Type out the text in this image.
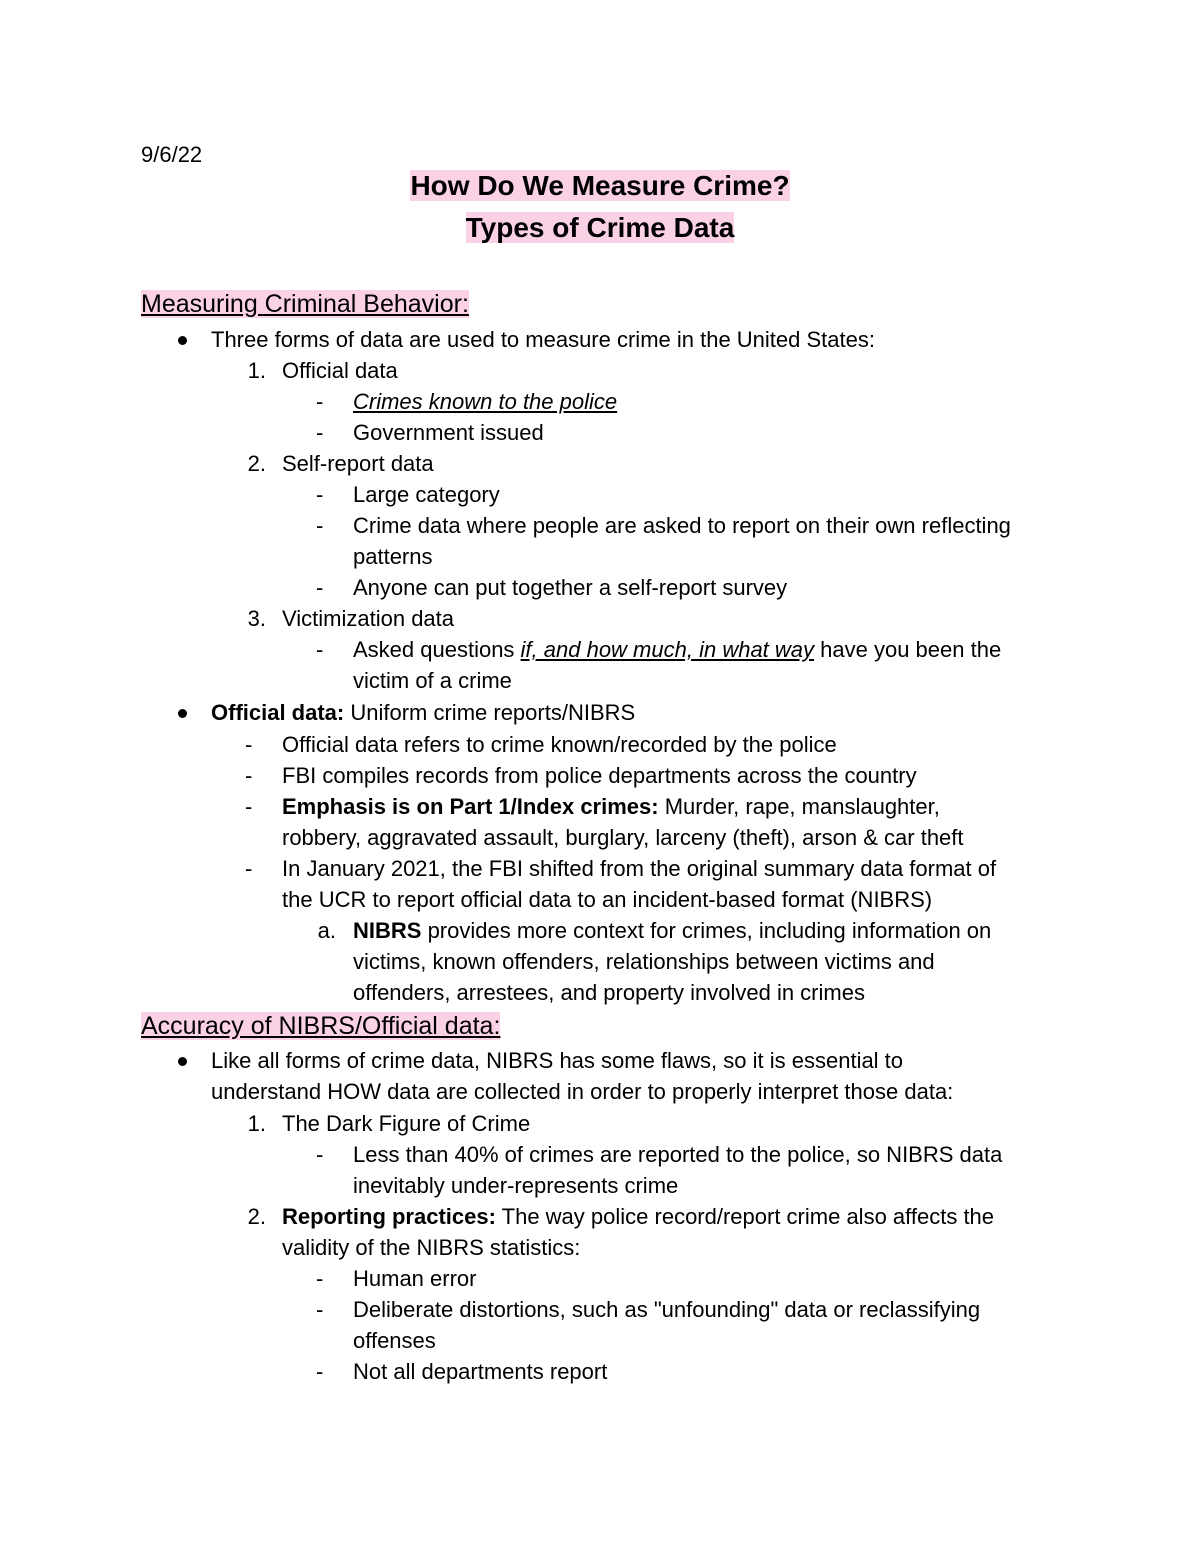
9/6/22
How Do We Measure Crime?
Types of Crime Data
Measuring Criminal Behavior:
Three forms of data are used to measure crime in the United States:
1. Official data
- Crimes known to the police
- Government issued
2. Self-report data
- Large category
- Crime data where people are asked to report on their own reflecting
patterns
- Anyone can put together a self-report survey
3. Victimization data
- Asked questions if, and how much, in what way have you been the
victim of a crime
Official data: Uniform crime reports/NIBRS
- Official data refers to crime known/recorded by the police
- FBI compiles records from police departments across the country
- Emphasis is on Part 1/Index crimes: Murder, rape, manslaughter,
robbery, aggravated assault, burglary, larceny (theft), arson & car theft
- In January 2021, the FBI shifted from the original summary data format of
the UCR to report official data to an incident-based format (NIBRS)
a. NIBRS provides more context for crimes, including information on
victims, known offenders, relationships between victims and
offenders, arrestees, and property involved in crimes
Accuracy of NIBRS/Official data:
Like all forms of crime data, NIBRS has some flaws, so it is essential to
understand HOW data are collected in order to properly interpret those data:
1. The Dark Figure of Crime
- Less than 40% of crimes are reported to the police, so NIBRS data
inevitably under-represents crime
2. Reporting practices: The way police record/report crime also affects the
validity of the NIBRS statistics:
- Human error
- Deliberate distortions, such as "unfounding" data or reclassifying
offenses
- Not all departments report
